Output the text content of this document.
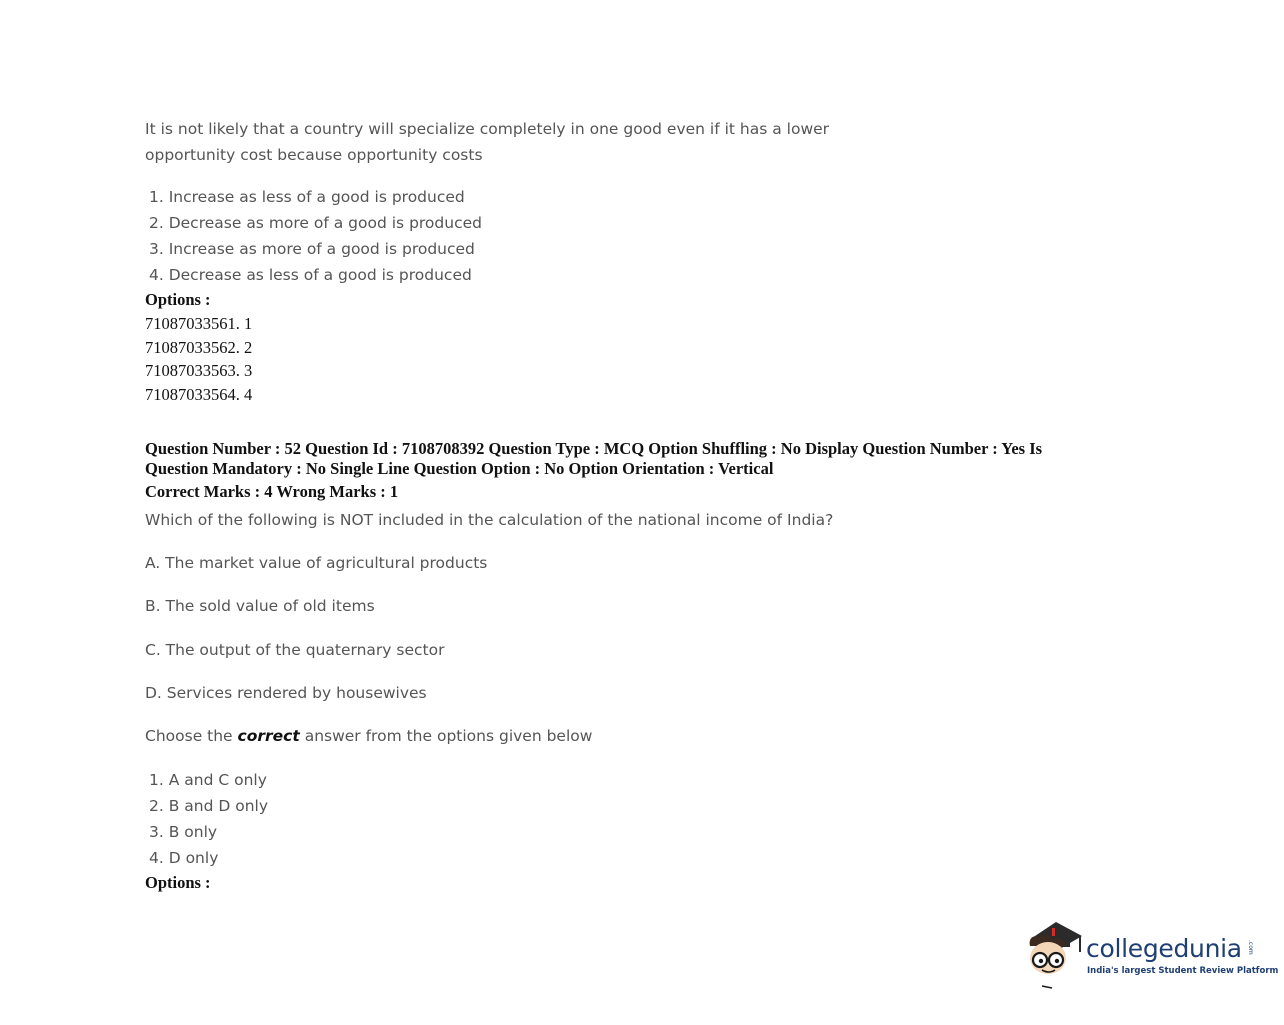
It is not likely that a country will specialize completely in one good even if it has a lower opportunity cost because opportunity costs
1. Increase as less of a good is produced
2. Decrease as more of a good is produced
3. Increase as more of a good is produced
4. Decrease as less of a good is produced
Options :
71087033561. 1
71087033562. 2
71087033563. 3
71087033564. 4
Question Number : 52 Question Id : 7108708392 Question Type : MCQ Option Shuffling : No Display Question Number : Yes Is
Question Mandatory : No Single Line Question Option : No Option Orientation : Vertical
Correct Marks : 4 Wrong Marks : 1
Which of the following is NOT included in the calculation of the national income of India?
A. The market value of agricultural products
B. The sold value of old items
C. The output of the quaternary sector
D. Services rendered by housewives
Choose the correct answer from the options given below
1. A and C only
2. B and D only
3. B only
4. D only
Options :
collegedunia .com
India's largest Student Review Platform
